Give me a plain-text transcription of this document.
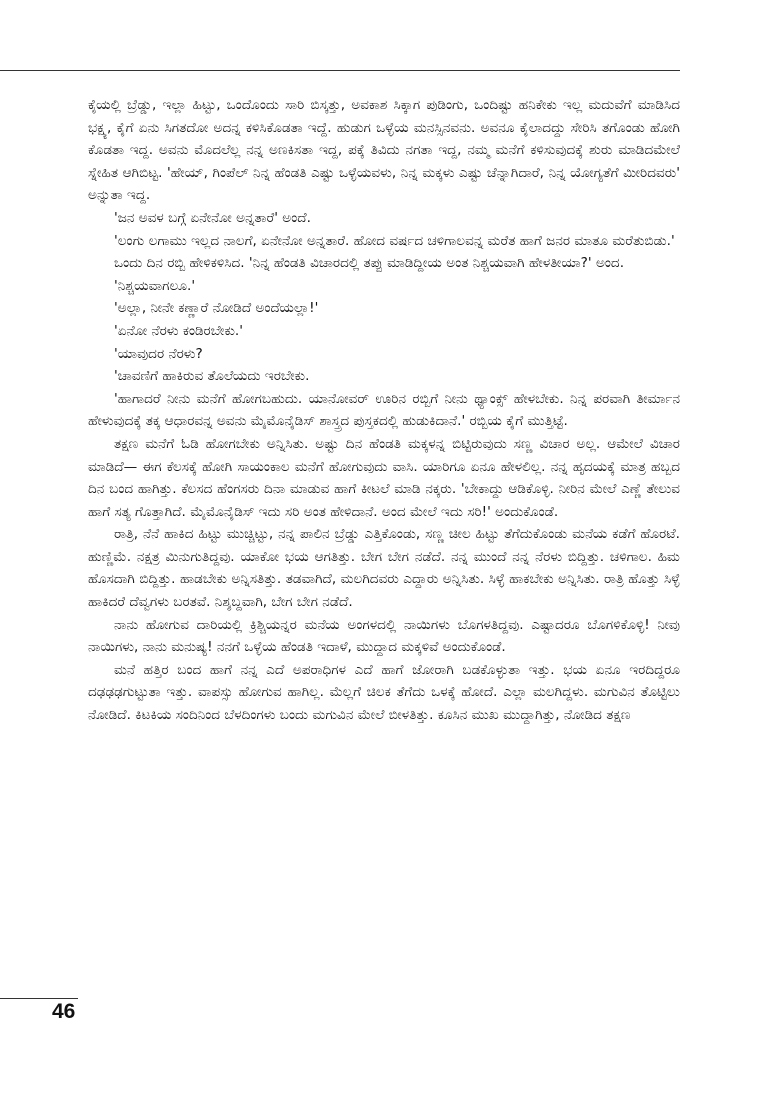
ಕೈಯಲ್ಲಿ ಬ್ರೆಡ್ಡು, ಇಲ್ಲಾ ಹಿಟ್ಟು, ಒಂದೊಂದು ಸಾರಿ ಬಿಸ್ಕತ್ತು, ಅವಕಾಶ ಸಿಕ್ಕಾಗ ಪುಡಿಂಗು, ಒಂದಿಷ್ಟು ಹನಿಕೇಕು ಇಲ್ಲ ಮದುವೆಗೆ ಮಾಡಿಸಿದ ಭಕ್ಷ್ಯ, ಕೈಗೆ ಏನು ಸಿಗತದೋ ಅದನ್ನ ಕಳಿಸಿಕೊಡತಾ ಇದ್ದೆ. ಹುಡುಗ ಒಳ್ಳೆಯ ಮನಸ್ಸಿನವನು. ಅವನೂ ಕೈಲಾದದ್ದು ಸೇರಿಸಿ ತಗೊಂಡು ಹೋಗಿ ಕೊಡತಾ ಇದ್ದ. ಅವನು ಮೊದಲೆಲ್ಲ ನನ್ನ ಅಣಕಿಸತಾ ಇದ್ದ, ಪಕ್ಕೆ ತಿವಿದು ನಗತಾ ಇದ್ದ, ನಮ್ಮ ಮನೆಗೆ ಕಳಿಸುವುದಕ್ಕೆ ಶುರು ಮಾಡಿದಮೇಲೆ ಸ್ನೇಹಿತ ಆಗಿಬಿಟ್ಟ. 'ಹೇಯ್, ಗಿಂಪೆಲ್ ನಿನ್ನ ಹೆಂಡತಿ ಎಷ್ಟು ಒಳ್ಳೆಯವಳು, ನಿನ್ನ ಮಕ್ಕಳು ಎಷ್ಟು ಚೆನ್ನಾಗಿದಾರೆ, ನಿನ್ನ ಯೋಗ್ಯತೆಗೆ ಮೀರಿದವರು' ಅನ್ನುತಾ ಇದ್ದ.

'ಜನ ಅವಳ ಬಗ್ಗೆ ಏನೇನೋ ಅನ್ನತಾರೆ' ಅಂದೆ.

'ಲಂಗು ಲಗಾಮು ಇಲ್ಲದ ನಾಲಗೆ, ಏನೇನೋ ಅನ್ನತಾರೆ. ಹೋದ ವರ್ಷದ ಚಳಿಗಾಲವನ್ನ ಮರೆತ ಹಾಗೆ ಜನರ ಮಾತೂ ಮರೆತುಬಿಡು.'

ಒಂದು ದಿನ ರಬ್ಬಿ ಹೇಳಿಕಳಿಸಿದ. 'ನಿನ್ನ ಹೆಂಡತಿ ವಿಚಾರದಲ್ಲಿ ತಪ್ಪು ಮಾಡಿದ್ದೀಯ ಅಂತ ನಿಶ್ಚಯವಾಗಿ ಹೇಳತೀಯಾ?' ಅಂದ.

'ನಿಶ್ಚಯವಾಗಲೂ.'

'ಅಲ್ಲಾ, ನೀನೇ ಕಣ್ಣಾರೆ ನೋಡಿದೆ ಅಂದೆಯಲ್ಲಾ!'

'ಏನೋ ನೆರಳು ಕಂಡಿರಬೇಕು.'

'ಯಾವುದರ ನೆರಳು?

'ಚಾವಣಿಗೆ ಹಾಕಿರುವ ತೊಲೆಯದು ಇರಬೇಕು.

'ಹಾಗಾದರೆ ನೀನು ಮನೆಗೆ ಹೋಗಬಹುದು. ಯಾನೋವರ್ ಊರಿನ ರಬ್ಬಿಗೆ ನೀನು ಥ್ಯಾಂಕ್ಸ್ ಹೇಳಬೇಕು. ನಿನ್ನ ಪರವಾಗಿ ತೀರ್ಮಾನ ಹೇಳುವುದಕ್ಕೆ ತಕ್ಕ ಆಧಾರವನ್ನ ಅವನು ಮೈಮೊನೈಡಿಸ್ ಶಾಸ್ತ್ರದ ಪುಸ್ತಕದಲ್ಲಿ ಹುಡುಕಿದಾನೆ.' ರಬ್ಬಿಯ ಕೈಗೆ ಮುತ್ತಿಟ್ಟೆ.

ತಕ್ಷಣ ಮನೆಗೆ ಓಡಿ ಹೋಗಬೇಕು ಅನ್ನಿಸಿತು. ಅಷ್ಟು ದಿನ ಹೆಂಡತಿ ಮಕ್ಕಳನ್ನ ಬಿಟ್ಟಿರುವುದು ಸಣ್ಣ ವಿಚಾರ ಅಲ್ಲ. ಆಮೇಲೆ ವಿಚಾರ ಮಾಡಿದೆ— ಈಗ ಕೆಲಸಕ್ಕೆ ಹೋಗಿ ಸಾಯಂಕಾಲ ಮನೆಗೆ ಹೋಗುವುದು ವಾಸಿ. ಯಾರಿಗೂ ಏನೂ ಹೇಳಲಿಲ್ಲ. ನನ್ನ ಹೃದಯಕ್ಕೆ ಮಾತ್ರ ಹಬ್ಬದ ದಿನ ಬಂದ ಹಾಗಿತ್ತು. ಕೆಲಸದ ಹೆಂಗಸರು ದಿನಾ ಮಾಡುವ ಹಾಗೆ ಕೀಟಲೆ ಮಾಡಿ ನಕ್ಕರು. 'ಬೇಕಾದ್ದು ಆಡಿಕೊಳ್ಳಿ. ನೀರಿನ ಮೇಲೆ ಎಣ್ಣೆ ತೇಲುವ ಹಾಗೆ ಸತ್ಯ ಗೊತ್ತಾಗಿದೆ. ಮೈಮೊನೈಡಿಸ್ ಇದು ಸರಿ ಅಂತ ಹೇಳಿದಾನೆ. ಅಂದ ಮೇಲೆ ಇದು ಸರಿ!' ಅಂದುಕೊಂಡೆ.

ರಾತ್ರಿ, ನೆನೆ ಹಾಕಿದ ಹಿಟ್ಟು ಮುಚ್ಚಿಟ್ಟು, ನನ್ನ ಪಾಲಿನ ಬ್ರೆಡ್ಡು ಎತ್ತಿಕೊಂಡು, ಸಣ್ಣ ಚೀಲ ಹಿಟ್ಟು ತೆಗೆದುಕೊಂಡು ಮನೆಯ ಕಡೆಗೆ ಹೊರಟೆ. ಹುಣ್ಣಿಮೆ. ನಕ್ಷತ್ರ ಮಿನುಗುತಿದ್ದವು. ಯಾಕೋ ಭಯ ಆಗತಿತ್ತು. ಬೇಗ ಬೇಗ ನಡೆದೆ. ನನ್ನ ಮುಂದೆ ನನ್ನ ನೆರಳು ಬಿದ್ದಿತ್ತು. ಚಳಿಗಾಲ. ಹಿಮ ಹೊಸದಾಗಿ ಬಿದ್ದಿತ್ತು. ಹಾಡಬೇಕು ಅನ್ನಿಸತಿತ್ತು. ತಡವಾಗಿದೆ, ಮಲಗಿದವರು ಎದ್ದಾರು ಅನ್ನಿಸಿತು. ಸಿಳ್ಳೆ ಹಾಕಬೇಕು ಅನ್ನಿಸಿತು. ರಾತ್ರಿ ಹೊತ್ತು ಸಿಳ್ಳೆ ಹಾಕಿದರೆ ದೆವ್ವಗಳು ಬರತವೆ. ನಿಶ್ಶಬ್ದವಾಗಿ, ಬೇಗ ಬೇಗ ನಡೆದೆ.

ನಾನು ಹೋಗುವ ದಾರಿಯಲ್ಲಿ ಕ್ರಿಶ್ಚಿಯನ್ನರ ಮನೆಯ ಅಂಗಳದಲ್ಲಿ ನಾಯಿಗಳು ಬೊಗಳತಿದ್ದವು. ಎಷ್ಟಾದರೂ ಬೊಗಳಿಕೊಳ್ಳಿ! ನೀವು ನಾಯಿಗಳು, ನಾನು ಮನುಷ್ಯ! ನನಗೆ ಒಳ್ಳೆಯ ಹೆಂಡತಿ ಇದಾಳೆ, ಮುದ್ದಾದ ಮಕ್ಕಳಿವೆ ಅಂದುಕೊಂಡೆ.

ಮನೆ ಹತ್ತಿರ ಬಂದ ಹಾಗೆ ನನ್ನ ಎದೆ ಅಪರಾಧಿಗಳ ಎದೆ ಹಾಗೆ ಜೋರಾಗಿ ಬಡಕೊಳ್ಳುತಾ ಇತ್ತು. ಭಯ ಏನೂ ಇರದಿದ್ದರೂ ದಢಢಢಗುಟ್ಟುತಾ ಇತ್ತು. ವಾಪಸ್ಸು ಹೋಗುವ ಹಾಗಿಲ್ಲ. ಮೆಲ್ಲಗೆ ಚಿಲಕ ತೆಗೆದು ಒಳಕ್ಕೆ ಹೋದೆ. ಎಲ್ಲಾ ಮಲಗಿದ್ದಳು. ಮಗುವಿನ ತೊಟ್ಟಿಲು ನೋಡಿದೆ. ಕಿಟಕಿಯ ಸಂದಿನಿಂದ ಬೆಳದಿಂಗಳು ಬಂದು ಮಗುವಿನ ಮೇಲೆ ಬೀಳತಿತ್ತು. ಕೂಸಿನ ಮುಖ ಮುದ್ದಾಗಿತ್ತು, ನೋಡಿದ ತಕ್ಷಣ

46
